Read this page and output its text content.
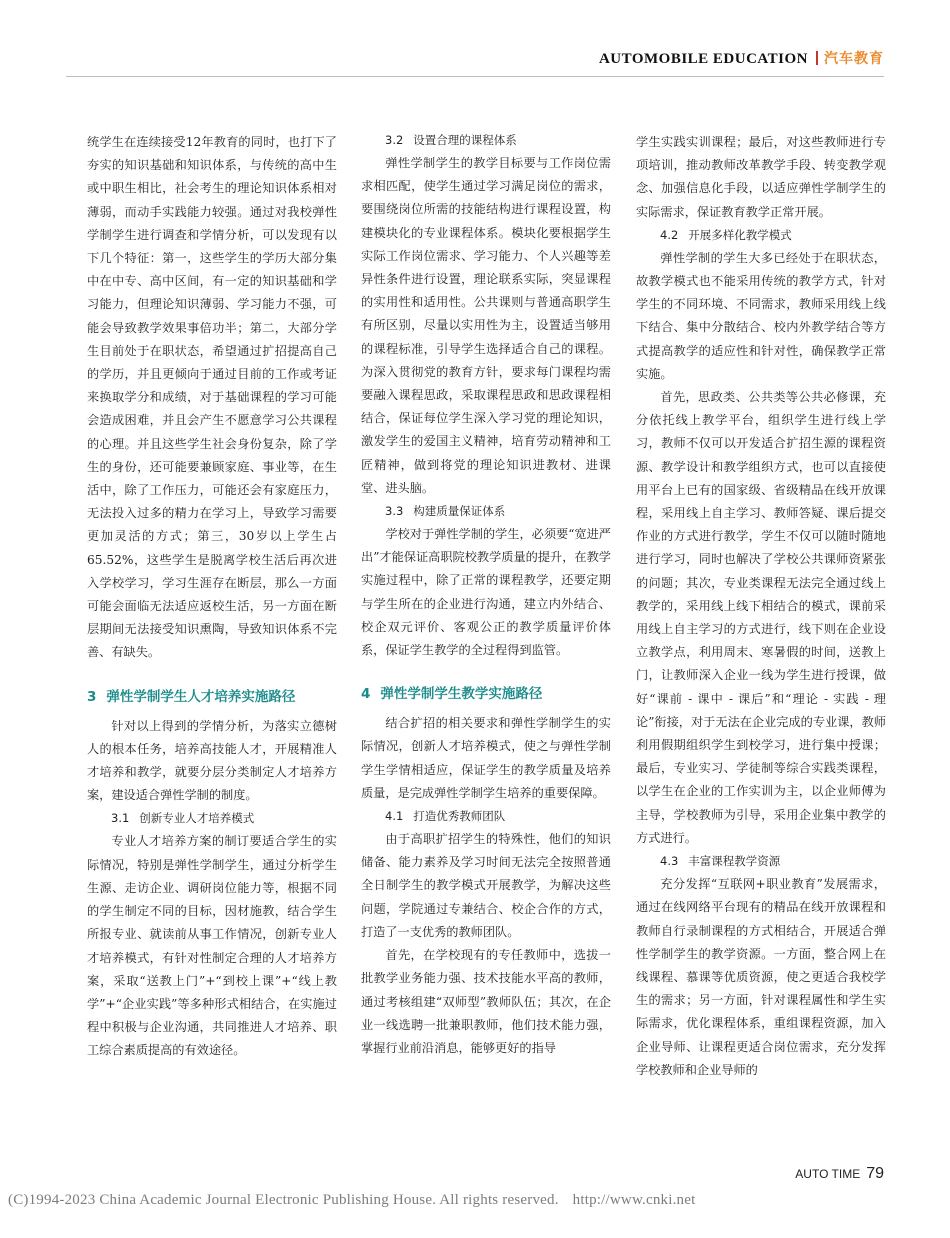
AUTOMOBILE EDUCATION 汽车教育

统学生在连续接受12年教育的同时，也打下了夯实的知识基础和知识体系，与传统的高中生或中职生相比，社会考生的理论知识体系相对薄弱，而动手实践能力较强。通过对我校弹性学制学生进行调查和学情分析，可以发现有以下几个特征：第一，这些学生的学历大部分集中在中专、高中区间，有一定的知识基础和学习能力，但理论知识薄弱、学习能力不强，可能会导致教学效果事倍功半；第二，大部分学生目前处于在职状态，希望通过扩招提高自己的学历，并且更倾向于通过目前的工作或考证来换取学分和成绩，对于基础课程的学习可能会造成困难，并且会产生不愿意学习公共课程的心理。并且这些学生社会身份复杂，除了学生的身份，还可能要兼顾家庭、事业等，在生活中，除了工作压力，可能还会有家庭压力，无法投入过多的精力在学习上，导致学习需要更加灵活的方式；第三，30岁以上学生占65.52%，这些学生是脱离学校生活后再次进入学校学习，学习生涯存在断层，那么一方面可能会面临无法适应返校生活，另一方面在断层期间无法接受知识熏陶，导致知识体系不完善、有缺失。

3 弹性学制学生人才培养实施路径

针对以上得到的学情分析，为落实立德树人的根本任务，培养高技能人才，开展精准人才培养和教学，就要分层分类制定人才培养方案，建设适合弹性学制的制度。

3.1 创新专业人才培养模式

专业人才培养方案的制订要适合学生的实际情况，特别是弹性学制学生，通过分析学生生源、走访企业、调研岗位能力等，根据不同的学生制定不同的目标，因材施教，结合学生所报专业、就读前从事工作情况，创新专业人才培养模式，有针对性制定合理的人才培养方案，采取“送教上门”+“到校上课”+“线上教学”+“企业实践”等多种形式相结合，在实施过程中积极与企业沟通，共同推进人才培养、职工综合素质提高的有效途径。

3.2 设置合理的课程体系

弹性学制学生的教学目标要与工作岗位需求相匹配，使学生通过学习满足岗位的需求，要围绕岗位所需的技能结构进行课程设置，构建模块化的专业课程体系。模块化要根据学生实际工作岗位需求、学习能力、个人兴趣等差异性条件进行设置，理论联系实际，突显课程的实用性和适用性。公共课则与普通高职学生有所区别，尽量以实用性为主，设置适当够用的课程标准，引导学生选择适合自己的课程。为深入贯彻党的教育方针，要求每门课程均需要融入课程思政，采取课程思政和思政课程相结合，保证每位学生深入学习党的理论知识，激发学生的爱国主义精神，培育劳动精神和工匠精神，做到将党的理论知识进教材、进课堂、进头脑。

3.3 构建质量保证体系

学校对于弹性学制的学生，必须要“宽进严出”才能保证高职院校教学质量的提升，在教学实施过程中，除了正常的课程教学，还要定期与学生所在的企业进行沟通，建立内外结合、校企双元评价、客观公正的教学质量评价体系，保证学生教学的全过程得到监管。

4 弹性学制学生教学实施路径

结合扩招的相关要求和弹性学制学生的实际情况，创新人才培养模式，使之与弹性学制学生学情相适应，保证学生的教学质量及培养质量，是完成弹性学制学生培养的重要保障。

4.1 打造优秀教师团队

由于高职扩招学生的特殊性，他们的知识储备、能力素养及学习时间无法完全按照普通全日制学生的教学模式开展教学，为解决这些问题，学院通过专兼结合、校企合作的方式，打造了一支优秀的教师团队。

首先，在学校现有的专任教师中，选拔一批教学业务能力强、技术技能水平高的教师，通过考核组建“双师型”教师队伍；其次，在企业一线选聘一批兼职教师，他们技术能力强，掌握行业前沿消息，能够更好的指导

学生实践实训课程；最后，对这些教师进行专项培训，推动教师改革教学手段、转变教学观念、加强信息化手段，以适应弹性学制学生的实际需求，保证教育教学正常开展。

4.2 开展多样化教学模式

弹性学制的学生大多已经处于在职状态，故教学模式也不能采用传统的教学方式，针对学生的不同环境、不同需求，教师采用线上线下结合、集中分散结合、校内外教学结合等方式提高教学的适应性和针对性，确保教学正常实施。

首先，思政类、公共类等公共必修课，充分依托线上教学平台，组织学生进行线上学习，教师不仅可以开发适合扩招生源的课程资源、教学设计和教学组织方式，也可以直接使用平台上已有的国家级、省级精品在线开放课程，采用线上自主学习、教师答疑、课后提交作业的方式进行教学，学生不仅可以随时随地进行学习，同时也解决了学校公共课师资紧张的问题；其次，专业类课程无法完全通过线上教学的，采用线上线下相结合的模式，课前采用线上自主学习的方式进行，线下则在企业设立教学点，利用周末、寒暑假的时间，送教上门，让教师深入企业一线为学生进行授课，做好“课前 - 课中 - 课后”和“理论 - 实践 - 理论”衔接，对于无法在企业完成的专业课，教师利用假期组织学生到校学习，进行集中授课；最后，专业实习、学徒制等综合实践类课程，以学生在企业的工作实训为主，以企业师傅为主导，学校教师为引导，采用企业集中教学的方式进行。

4.3 丰富课程教学资源

充分发挥“互联网+职业教育”发展需求，通过在线网络平台现有的精品在线开放课程和教师自行录制课程的方式相结合，开展适合弹性学制学生的教学资源。一方面，整合网上在线课程、慕课等优质资源，使之更适合我校学生的需求；另一方面，针对课程属性和学生实际需求，优化课程体系，重组课程资源，加入企业导师、让课程更适合岗位需求，充分发挥学校教师和企业导师的

AUTO TIME 79
(C)1994-2023 China Academic Journal Electronic Publishing House. All rights reserved. http://www.cnki.net
